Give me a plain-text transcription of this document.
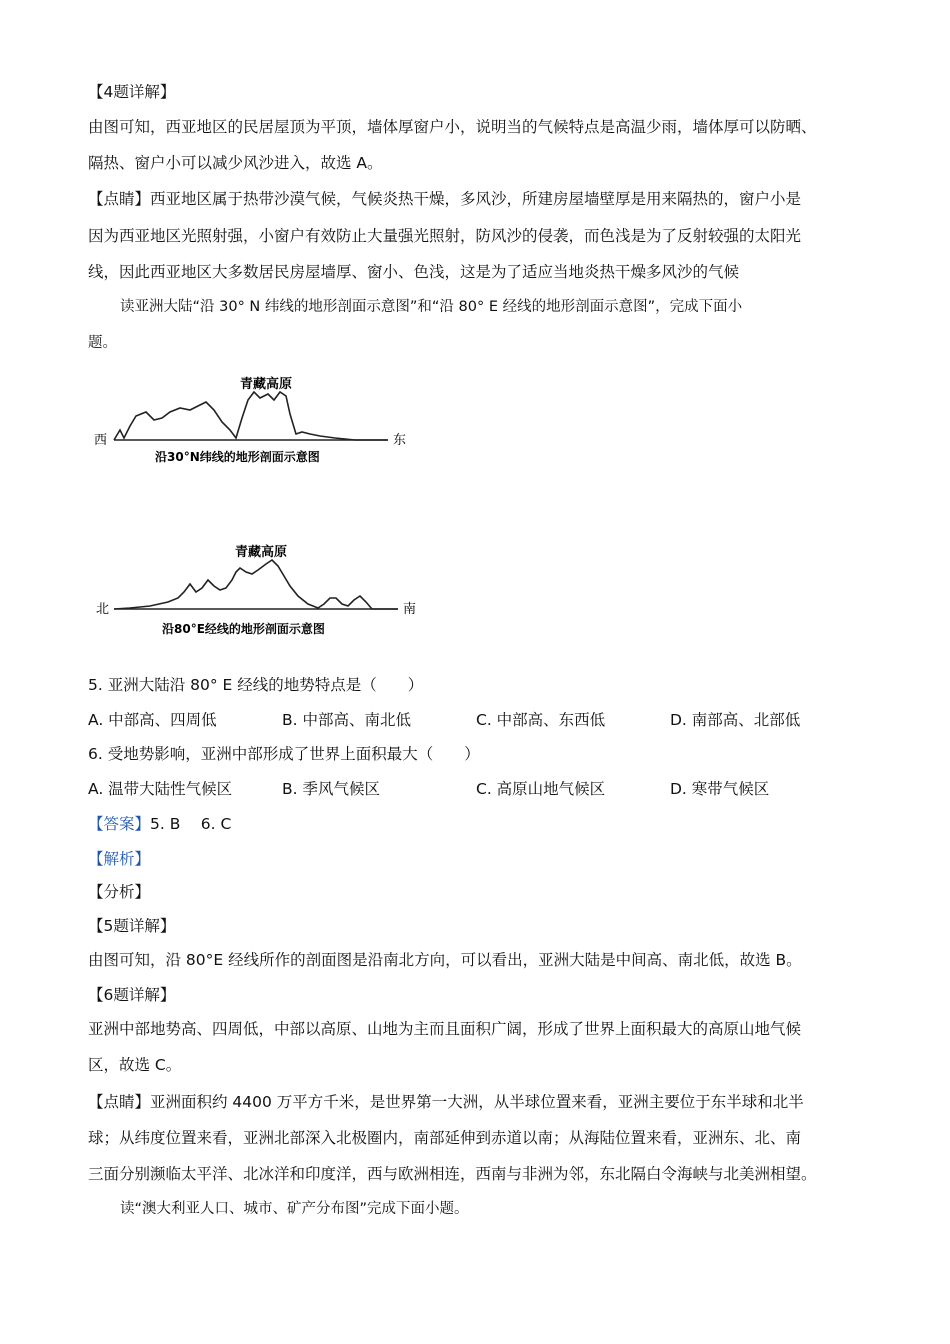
【4题详解】
由图可知，西亚地区的民居屋顶为平顶，墙体厚窗户小，说明当的气候特点是高温少雨，墙体厚可以防晒、
隔热、窗户小可以减少风沙进入，故选 A。
【点睛】西亚地区属于热带沙漠气候，气候炎热干燥，多风沙，所建房屋墙壁厚是用来隔热的，窗户小是
因为西亚地区光照射强，小窗户有效防止大量强光照射，防风沙的侵袭，而色浅是为了反射较强的太阳光
线，因此西亚地区大多数居民房屋墙厚、窗小、色浅，这是为了适应当地炎热干燥多风沙的气候
读亚洲大陆“沿 30° N 纬线的地形剖面示意图”和“沿 80° E 经线的地形剖面示意图”，完成下面小
题。
青藏高原
西	东
沿30°N纬线的地形剖面示意图
青藏高原
北	南
沿80°E经线的地形剖面示意图
5. 亚洲大陆沿 80° E 经线的地势特点是（　　）
A. 中部高、四周低	B. 中部高、南北低	C. 中部高、东西低	D. 南部高、北部低
6. 受地势影响，亚洲中部形成了世界上面积最大（　　）
A. 温带大陆性气候区	B. 季风气候区	C. 高原山地气候区	D. 寒带气候区
【答案】5. B　 6. C
【解析】
【分析】
【5题详解】
由图可知，沿 80°E 经线所作的剖面图是沿南北方向，可以看出，亚洲大陆是中间高、南北低，故选 B。
【6题详解】
亚洲中部地势高、四周低，中部以高原、山地为主而且面积广阔，形成了世界上面积最大的高原山地气候
区，故选 C。
【点睛】亚洲面积约 4400 万平方千米，是世界第一大洲，从半球位置来看，亚洲主要位于东半球和北半
球；从纬度位置来看，亚洲北部深入北极圈内，南部延伸到赤道以南；从海陆位置来看，亚洲东、北、南
三面分别濒临太平洋、北冰洋和印度洋，西与欧洲相连，西南与非洲为邻，东北隔白令海峡与北美洲相望。
读“澳大利亚人口、城市、矿产分布图”完成下面小题。
